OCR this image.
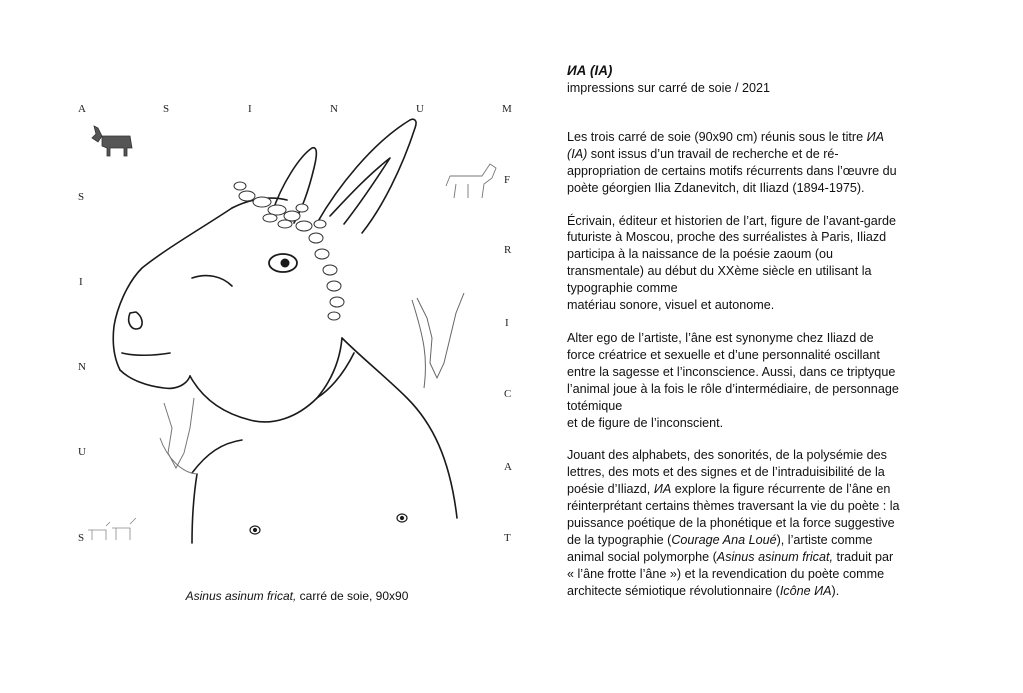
A	S	I	N	U	M
F
R
I
C
A
T
S
I
N
U
S
Asinus asinum fricat, carré de soie, 90x90
ИА (IA)
impressions sur carré de soie / 2021
Les trois carré de soie (90x90 cm) réunis sous le titre ИА
(IA) sont issus d’un travail de recherche et de ré-
appropriation de certains motifs récurrents dans l’œuvre du
poète géorgien Ilia Zdanevitch, dit Iliazd (1894-1975).
Écrivain, éditeur et historien de l’art, figure de l’avant-garde
futuriste à Moscou, proche des surréalistes à Paris, Iliazd
participa à la naissance de la poésie zaoum (ou
transmentale) au début du XXème siècle en utilisant la
typographie comme
matériau sonore, visuel et autonome.
Alter ego de l’artiste, l’âne est synonyme chez Iliazd de
force créatrice et sexuelle et d’une personnalité oscillant
entre la sagesse et l’inconscience. Aussi, dans ce triptyque
l’animal joue à la fois le rôle d’intermédiaire, de personnage
totémique
et de figure de l’inconscient.
Jouant des alphabets, des sonorités, de la polysémie des
lettres, des mots et des signes et de l’intraduisibilité de la
poésie d’Iliazd, ИА explore la figure récurrente de l’âne en
réinterprétant certains thèmes traversant la vie du poète : la
puissance poétique de la phonétique et la force suggestive
de la typographie (Courage Ana Loué), l’artiste comme
animal social polymorphe (Asinus asinum fricat, traduit par
« l’âne frotte l’âne ») et la revendication du poète comme
architecte sémiotique révolutionnaire (Icône ИА).
